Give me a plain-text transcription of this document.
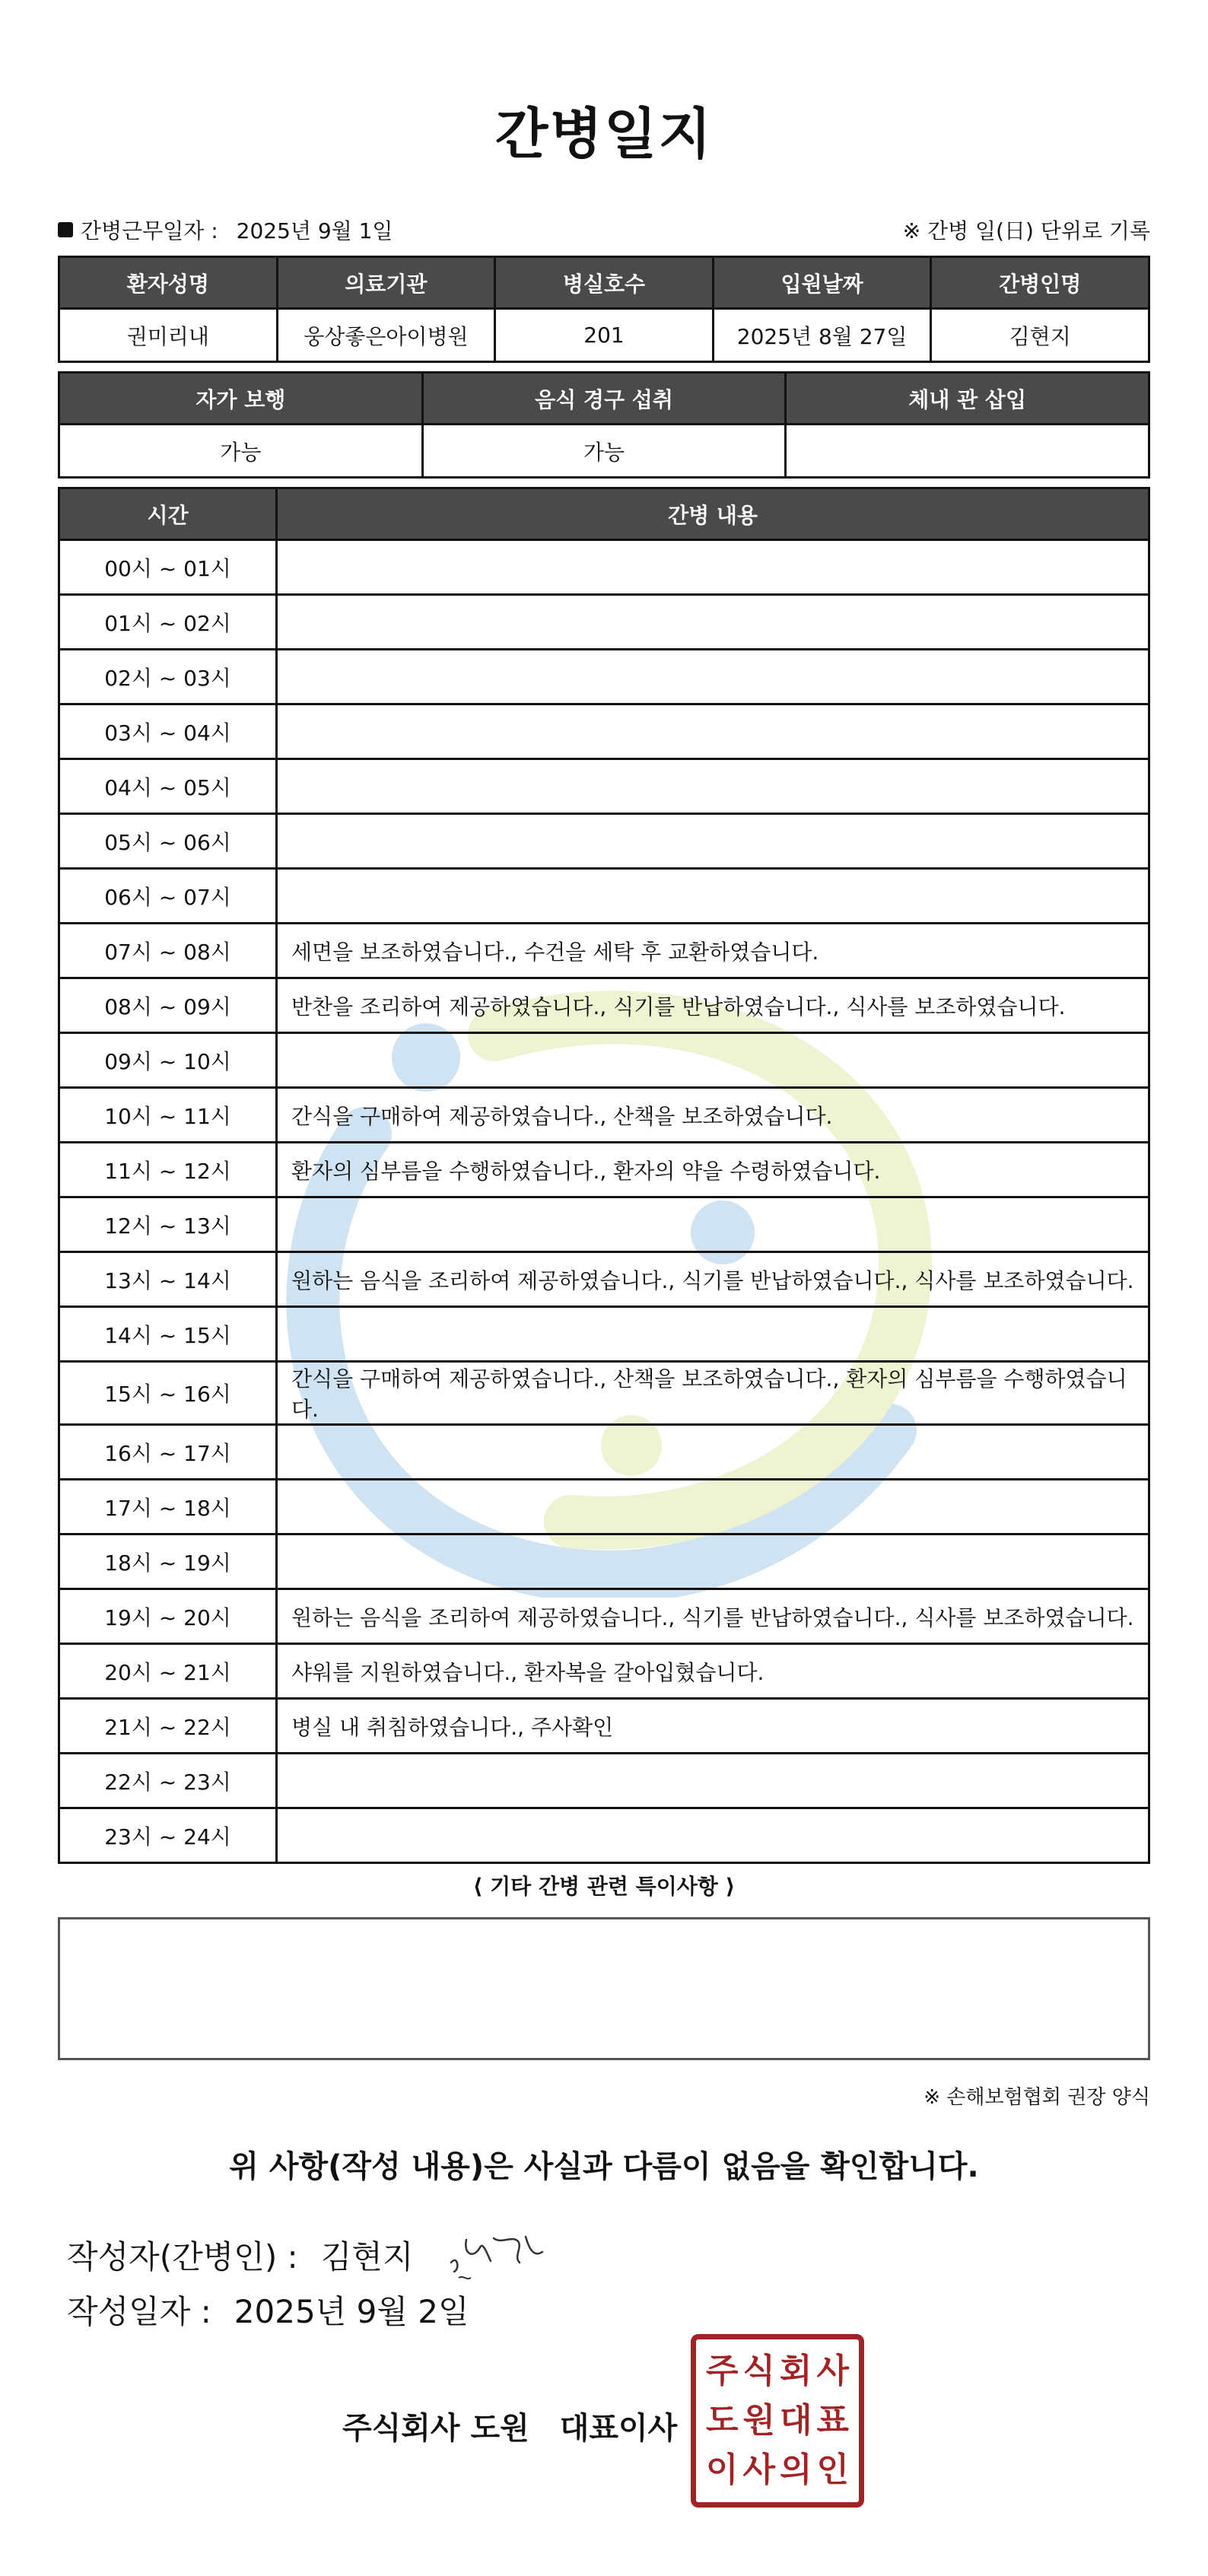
간병일지
간병근무일자 : 2025년 9월 1일	※ 간병 일(日) 단위로 기록
환자성명	의료기관	병실호수	입원날짜	간병인명
권미리내	웅상좋은아이병원	201	2025년 8월 27일	김현지
자가 보행	음식 경구 섭취	체내 관 삽입
가능	가능	
시간	간병 내용
00시 ~ 01시	
01시 ~ 02시	
02시 ~ 03시	
03시 ~ 04시	
04시 ~ 05시	
05시 ~ 06시	
06시 ~ 07시	
07시 ~ 08시	세면을 보조하였습니다., 수건을 세탁 후 교환하였습니다.
08시 ~ 09시	반찬을 조리하여 제공하였습니다., 식기를 반납하였습니다., 식사를 보조하였습니다.
09시 ~ 10시	
10시 ~ 11시	간식을 구매하여 제공하였습니다., 산책을 보조하였습니다.
11시 ~ 12시	환자의 심부름을 수행하였습니다., 환자의 약을 수령하였습니다.
12시 ~ 13시	
13시 ~ 14시	원하는 음식을 조리하여 제공하였습니다., 식기를 반납하였습니다., 식사를 보조하였습니다.
14시 ~ 15시	
15시 ~ 16시	간식을 구매하여 제공하였습니다., 산책을 보조하였습니다., 환자의 심부름을 수행하였습니다.
16시 ~ 17시	
17시 ~ 18시	
18시 ~ 19시	
19시 ~ 20시	원하는 음식을 조리하여 제공하였습니다., 식기를 반납하였습니다., 식사를 보조하였습니다.
20시 ~ 21시	샤워를 지원하였습니다., 환자복을 갈아입혔습니다.
21시 ~ 22시	병실 내 취침하였습니다., 주사확인
22시 ~ 23시	
23시 ~ 24시	
⟨ 기타 간병 관련 특이사항 ⟩
※ 손해보험협회 권장 양식
위 사항(작성 내용)은 사실과 다름이 없음을 확인합니다.
작성자(간병인) : 김현지
작성일자 : 2025년 9월 2일
주식회사 도원 대표이사
주 식 회 사
도 원 대 표
이 사 의 인
